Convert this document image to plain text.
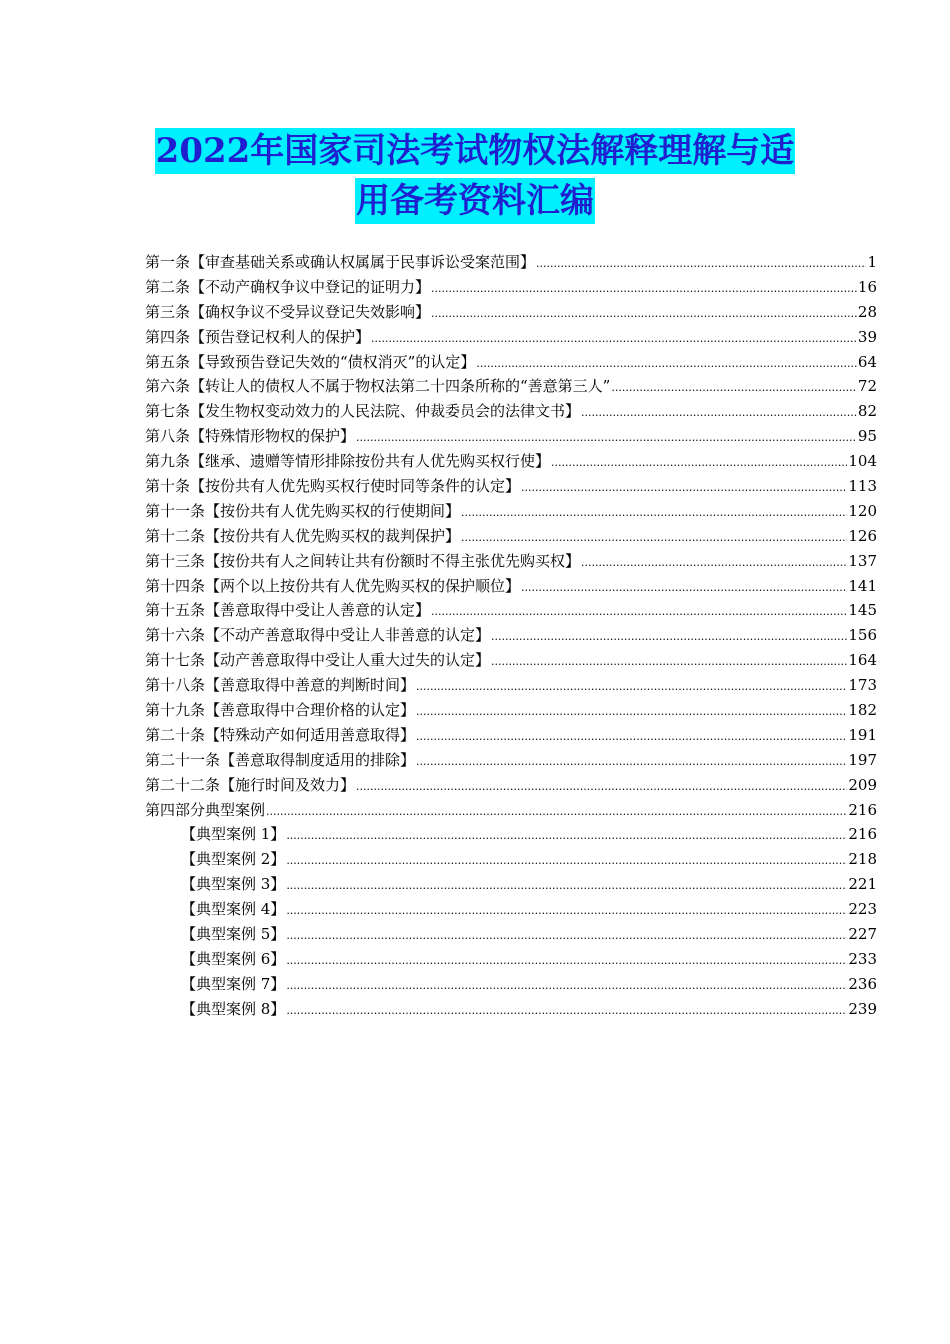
2022年国家司法考试物权法解释理解与适
用备考资料汇编
第一条【审查基础关系或确认权属属于民事诉讼受案范围】 .....	1
第二条【不动产确权争议中登记的证明力】 .....	16
第三条【确权争议不受异议登记失效影响】 .....	28
第四条【预告登记权利人的保护】 .....	39
第五条【导致预告登记失效的“债权消灭”的认定】 .....	64
第六条【转让人的债权人不属于物权法第二十四条所称的“善意第三人” .....	72
第七条【发生物权变动效力的人民法院、仲裁委员会的法律文书】 .....	82
第八条【特殊情形物权的保护】 .....	95
第九条【继承、遗赠等情形排除按份共有人优先购买权行使】 .....	104
第十条【按份共有人优先购买权行使时同等条件的认定】 .....	113
第十一条【按份共有人优先购买权的行使期间】 .....	120
第十二条【按份共有人优先购买权的裁判保护】 .....	126
第十三条【按份共有人之间转让共有份额时不得主张优先购买权】 .....	137
第十四条【两个以上按份共有人优先购买权的保护顺位】 .....	141
第十五条【善意取得中受让人善意的认定】 .....	145
第十六条【不动产善意取得中受让人非善意的认定】 .....	156
第十七条【动产善意取得中受让人重大过失的认定】 .....	164
第十八条【善意取得中善意的判断时间】 .....	173
第十九条【善意取得中合理价格的认定】 .....	182
第二十条【特殊动产如何适用善意取得】 .....	191
第二十一条【善意取得制度适用的排除】 .....	197
第二十二条【施行时间及效力】 .....	209
第四部分典型案例 .....	216
【典型案例 1】 .....	216
【典型案例 2】 .....	218
【典型案例 3】 .....	221
【典型案例 4】 .....	223
【典型案例 5】 .....	227
【典型案例 6】 .....	233
【典型案例 7】 .....	236
【典型案例 8】 .....	239
